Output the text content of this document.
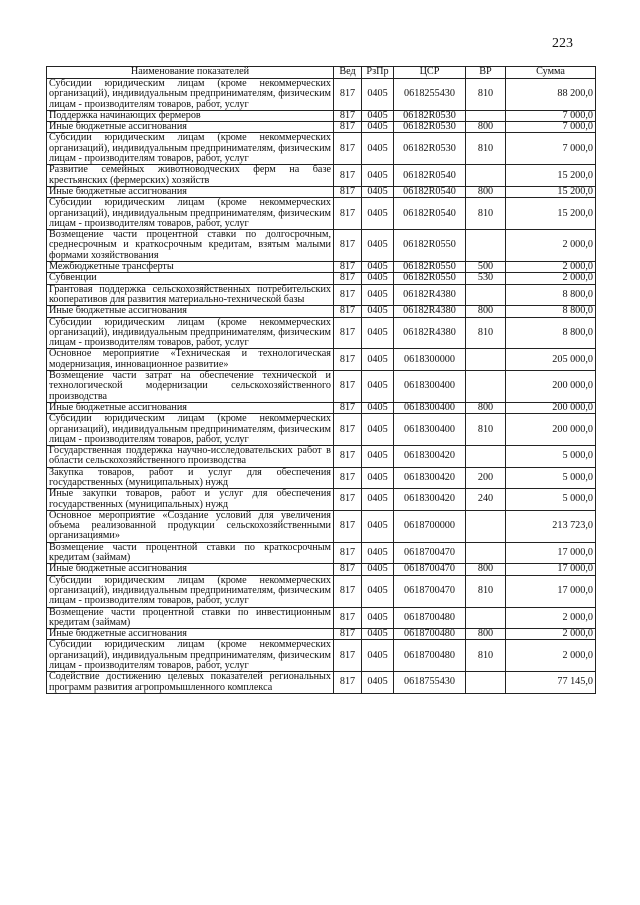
223
Наименование показателей	Вед	РзПр	ЦСР	ВР	Сумма
Субсидии юридическим лицам (кроме некоммерческих организаций), индивидуальным предпринимателям, физическим лицам - производителям товаров, работ, услуг	817	0405	0618255430	810	88 200,0
Поддержка начинающих фермеров	817	0405	06182R0530		7 000,0
Иные бюджетные ассигнования	817	0405	06182R0530	800	7 000,0
Субсидии юридическим лицам (кроме некоммерческих организаций), индивидуальным предпринимателям, физическим лицам - производителям товаров, работ, услуг	817	0405	06182R0530	810	7 000,0
Развитие семейных животноводческих ферм на базе крестьянских (фермерских) хозяйств	817	0405	06182R0540		15 200,0
Иные бюджетные ассигнования	817	0405	06182R0540	800	15 200,0
Субсидии юридическим лицам (кроме некоммерческих организаций), индивидуальным предпринимателям, физическим лицам - производителям товаров, работ, услуг	817	0405	06182R0540	810	15 200,0
Возмещение части процентной ставки по долгосрочным, среднесрочным и краткосрочным кредитам, взятым малыми формами хозяйствования	817	0405	06182R0550		2 000,0
Межбюджетные трансферты	817	0405	06182R0550	500	2 000,0
Субвенции	817	0405	06182R0550	530	2 000,0
Грантовая поддержка сельскохозяйственных потребительских кооперативов для развития материально-технической базы	817	0405	06182R4380		8 800,0
Иные бюджетные ассигнования	817	0405	06182R4380	800	8 800,0
Субсидии юридическим лицам (кроме некоммерческих организаций), индивидуальным предпринимателям, физическим лицам - производителям товаров, работ, услуг	817	0405	06182R4380	810	8 800,0
Основное мероприятие «Техническая и технологическая модернизация, инновационное развитие»	817	0405	0618300000		205 000,0
Возмещение части затрат на обеспечение технической и технологической модернизации сельскохозяйственного производства	817	0405	0618300400		200 000,0
Иные бюджетные ассигнования	817	0405	0618300400	800	200 000,0
Субсидии юридическим лицам (кроме некоммерческих организаций), индивидуальным предпринимателям, физическим лицам - производителям товаров, работ, услуг	817	0405	0618300400	810	200 000,0
Государственная поддержка научно-исследовательских работ в области сельскохозяйственного производства	817	0405	0618300420		5 000,0
Закупка товаров, работ и услуг для обеспечения государственных (муниципальных) нужд	817	0405	0618300420	200	5 000,0
Иные закупки товаров, работ и услуг для обеспечения государственных (муниципальных) нужд	817	0405	0618300420	240	5 000,0
Основное мероприятие «Создание условий для увеличения объема реализованной продукции сельскохозяйственными организациями»	817	0405	0618700000		213 723,0
Возмещение части процентной ставки по краткосрочным кредитам (займам)	817	0405	0618700470		17 000,0
Иные бюджетные ассигнования	817	0405	0618700470	800	17 000,0
Субсидии юридическим лицам (кроме некоммерческих организаций), индивидуальным предпринимателям, физическим лицам - производителям товаров, работ, услуг	817	0405	0618700470	810	17 000,0
Возмещение части процентной ставки по инвестиционным кредитам (займам)	817	0405	0618700480		2 000,0
Иные бюджетные ассигнования	817	0405	0618700480	800	2 000,0
Субсидии юридическим лицам (кроме некоммерческих организаций), индивидуальным предпринимателям, физическим лицам - производителям товаров, работ, услуг	817	0405	0618700480	810	2 000,0
Содействие достижению целевых показателей региональных программ развития агропромышленного комплекса	817	0405	0618755430		77 145,0
